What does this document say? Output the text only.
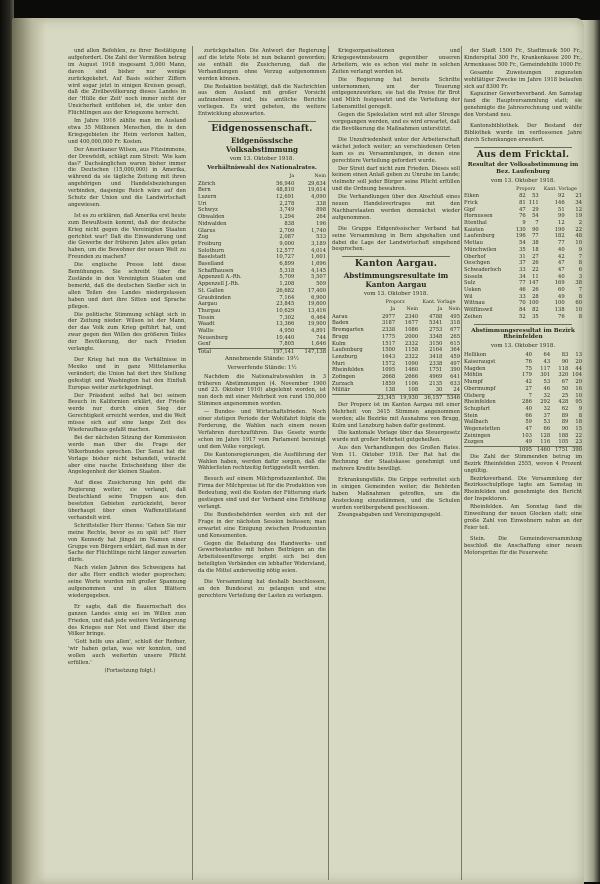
und allen Befehlen, zu ihrer Bestätigung aufgefordert. Die Zahl der Vermißten betrug im August 1918 insgesamt 5,000 Mann, davon sind bisher nur wenige zurückgekehrt. Auf Basis solcher Ziffern wird sogar jetzt in einigen Kreisen gesagt, daß die Zivilbevölkerung dieses Landes in der 'Hülle der Zeit' noch immer nicht der Unsicherheit entflohen ist, die unter den Flüchtlingen aus der Kriegszone herrscht.

Im Jahre 1916 zählte man im Ausland etwa 35 Millionen Menschen, die in den Kriegsgebieten ihr Heim verloren hatten, und 400,000,000 Fr. Kosten.

Der Amerikaner Wilson, aus Fitzsimmons, der Drewfeldt, schlägt zum Streit: 'Wie kam das?' Dachsänglichen waren bisher immer die Deutschen (15,000,000) in Amerika, während da sie tägliche Zeitung mit ihren angehörigen und Handelsbeziehungen verbinden, dasjenige Reich wäre auf den Schutz der Union und die Landwirtschaft angewiesen.

Ist es zu erklären, daß Amerika erst heute zum Bewußtsein kommt, daß der deutsche Krieg nicht gegen die Vereinigten Staaten gerichtet war? Daß die Einwanderung und die Gewerbe der früheren Jahre alles getan haben, um die Bewohner der neuen Welt zu Freunden zu machen?

Die englische Presse lobt diese Bemühungen. Sie schreibt über die Zustände in den Vereinigten Staaten und bemerkt, daß die deutschen Siedler sich in allen Teilen des Landes niedergelassen haben und dort ihre Sitten und Sprache pflegen.

Die politische Stimmung schlägt sich in der Zeitung nieder: Wilson ist der Mann, der das Volk zum Krieg geführt hat, und zwar gegen den Willen des größeren Teiles der Bevölkerung, der nach Frieden verlangte.

Der Krieg hat nun die Verhältnisse in Mexiko und in ganz Mittelamerika verändert; die Union hat dort ihre Stellung gefestigt und Washington hat den Einfluß Europas weiter zurückgedrängt.

Der Präsident selbst hat bei seinem Besuch in Kalifornien erklärt, der Friede werde nur durch einen Sieg der Gerechtigkeit erreicht werden, und die Welt müsse sich auf eine lange Zeit des Wiederaufbaus gefaßt machen.

Bei der nächsten Sitzung der Kommission werde man über die Frage der Völkerbundes sprechen. Der Senat hat die Vorlage bisher nicht behandelt, wünscht aber eine rasche Entscheidung über die Angelegenheit der kleinen Staaten.

Auf diese Zusicherung hin geht die Regierung weiter; sie verlangt, daß Deutschland seine Truppen aus den besetzten Gebieten zurückzieht, bevor überhaupt über einen Waffenstillstand verhandelt wird.

Schriftsteller Herr Henne: 'Gehen Sie mir meine Rechte, bevor es zu spät ist!' Herr von Kennedy hat jüngst im Namen einer Gruppe von Bürgern erklärt, daß man in der Sache der Flüchtlinge nicht länger zuwarten dürfe.

Nach vielen Jahren des Schweigens hat der alte Herr endlich wieder gesprochen; seine Worte wurden mit großer Spannung aufgenommen und in allen Blättern wiedergegeben.

Er sagte, daß die Bauernschaft des ganzen Landes einig sei im Willen zum Frieden, und daß jede weitere Verlängerung des Krieges nur Not und Elend über die Völker bringe.

'Gott helfe uns allen', schloß der Redner, 'wir haben getan, was wir konnten, und wollen auch weiterhin unsere Pflicht erfüllen.'

(Fortsetzung folgt.)

zurückgehalten. Die Antwort der Regierung auf die letzte Note ist nun bekannt geworden; sie enthält die Zusicherung, daß die Verhandlungen ohne Verzug aufgenommen werden können.

Die Redaktion bestätigt, daß die Nachrichten aus dem Ausland mit großer Vorsicht aufzunehmen sind, bis amtliche Berichte vorliegen. Es wird gebeten, die weitere Entwicklung abzuwarten.

Eidgenossenschaft.
Eidgenössische Volksabstimmung
vom 13. Oktober 1918.
Verhältniswahl des Nationalrates.
	Ja	Nein
Zürich	56,940	29,634
Bern	48,810	19,614
Luzern	12,691	4,090
Uri	2,278	338
Schwyz	3,749	898
Obwalden	1,294	264
Nidwalden	838	196
Glarus	2,709	1,740
Zug	2,087	533
Freiburg	9,000	3,189
Solothurn	12,577	4,014
Baselstadt	10,727	1,601
Baselland	6,899	1,696
Schaffhausen	5,318	4,145
Appenzell A.-Rh.	5,709	5,507
Appenzell J.-Rh.	1,208	509
St. Gallen	26,682	17,400
Graubünden	7,164	6,900
Aargau	23,845	19,600
Thurgau	10,629	13,416
Tessin	7,302	6,464
Waadt	13,366	19,900
Wallis	4,950	4,891
Neuenburg	10,440	744
Genf	7,805	1,646
Total	197,141	147,138
Annehmende Stände: 19½
Verwerfende Stände: 1½

Nachdem die Nationalratswahlen in 3 früheren Abstimmungen (4. November 1900 und 23. Oktober 1910) abgelehnt worden, ist nun doch mit einer Mehrheit von rund 150,000 Stimmen angenommen worden.

— Bundes- und Wirtschaftsfrieden. Noch einer stetigen Periode der Wohlfahrt folgte die Forderung, die Wahlen nach einem neuen Verfahren durchzuführen. Das Gesetz wurde schon im Jahre 1917 vom Parlament bereinigt und dem Volke vorgelegt.

Die Kantonsregierungen, die Ausführung der Wahlen haben, werden dafür sorgen, daß die Wählerlisten rechtzeitig fertiggestellt werden.

Besuch auf einem Milchproduzentenhof. Die Firma der Milchpreise ist für die Produktion von Bedeutung, weil die Kosten der Fütterung stark gestiegen sind und der Verband eine Erhöhung verlangt.

Die Bundesbehörden werden sich mit der Frage in der nächsten Session befassen; man erwartet eine Einigung zwischen Produzenten und Konsumenten.

Gegen die Belastung des Handwerks- und Gewerbestandes mit hohen Beiträgen an die Arbeitslosenfürsorge ergibt sich bei den beteiligten Verbänden ein lebhafter Widerstand, da die Mittel anderweitig nötig seien.

Die Versammlung hat deshalb beschlossen, an den Bundesrat zu gelangen und eine gerechtere Verteilung der Lasten zu verlangen.

Kriegsorganisationen und Kriegsgewinnsteuern gegenüber unseren Arbeitern, wie es schon viel mehr in solchen Zeiten verlangt worden ist.

Die Regierung hat bereits Schritte unternommen, um der Teuerung entgegenzuwirken; sie hat die Preise für Brot und Milch festgesetzt und die Verteilung der Lebensmittel geregelt.

Gegen die Spekulation wird mit aller Strenge vorgegangen werden, und es wird erwartet, daß die Bevölkerung die Maßnahmen unterstützt.

Die Unzufriedenheit unter der Arbeiterschaft wächst jedoch weiter; an verschiedenen Orten kam es zu Versammlungen, in denen eine gerechtere Verteilung gefordert wurde.

Der Streit darf nicht zum Frieden. Dieses soll keinem einen Anlaß geben zu Unruhe im Lande; vielmehr soll jeder Bürger seine Pflicht erfüllen und die Ordnung bewahren.

Die Verhandlungen über den Abschluß eines neuen Handelsvertrages mit den Nachbarstaaten werden demnächst wieder aufgenommen.

Die Gruppe Eidgenössischer Verband hat seine Versammlung in Bern abgehalten und dabei die Lage der Landwirtschaft eingehend besprochen.

Kanton Aargau.
Abstimmungsresultate im Kanton Aargau
vom 13. Oktober 1918.
	Proporz		Kant. Vorlage	
	Ja	Nein	Ja	Nein
Aarau	2977	2340	4788	495
Baden	3187	1677	5341	318
Bremgarten	2338	1086	2753	677
Brugg	1775	2000	3348	265
Kulm	1517	2332	3150	615
Laufenburg	1500	1158	2164	364
Lenzburg	1643	2322	3418	459
Muri	1572	1090	2338	497
Rheinfelden	1095	1460	1751	390
Zofingen	2668	2666	4969	641
Zurzach	1859	1106	2135	633
Militär	138	108	30	24
	23,345	19,930	36,157	5346

Der Proporz ist im Kanton Aargau mit einer Mehrheit von 3415 Stimmen angenommen worden; alle Bezirke mit Ausnahme von Brugg, Kulm und Lenzburg haben dafür gestimmt.

Die kantonale Vorlage über das Steuergesetz wurde mit großer Mehrheit gutgeheißen.

Aus den Verhandlungen des Großen Rates. Vom 11. Oktober 1918. Der Rat hat die Rechnung der Staatskasse genehmigt und mehrere Kredite bewilligt.

Erkrankungsfälle. Die Grippe verbreitet sich in einigen Gemeinden weiter; die Behörden haben Maßnahmen getroffen, um die Ansteckung einzudämmen, und die Schulen wurden vorübergehend geschlossen.

Zwangsabgaben und Vereinigungsgeld.

der Stadt 1500 Fr., Stadtmusik 500 Fr., Kinderspital 300 Fr., Krankenkasse 200 Fr., Armenkasse 500 Fr., Gemeindehilfe 1000 Fr.

Gesamte Zuweisungen zugunsten wohltätiger Zwecke im Jahre 1918 belaufen sich auf 8300 Fr.

Kapuziner Gewerbeverband. Am Samstag fand die Hauptversammlung statt; sie genehmigte die Jahresrechnung und wählte den Vorstand neu.

Kantonsbibliothek. Der Bestand der Bibliothek wurde im verflossenen Jahre durch Schenkungen erweitert.

Aus dem Fricktal.
Resultat der Volksabstimmung im Bez. Laufenburg
vom 13. Oktober 1918.
	Proporz		Kant. Vorlage	
Eiken	82	53	92	21
Frick	81	111	146	34
Gipf	47	29	51	12
Hornussen	76	54	99	19
Ittenthal	9	7	12	2
Kaisten	130	90	190	22
Laufenburg	196	77	182	48
Mettau	54	38	77	10
Münchwilen	35	18	40	9
Oberhof	31	27	42	7
Oeschgen	37	26	47	8
Schwaderloch	33	22	47	6
Sisseln	34	11	40	3
Sulz	77	147	169	38
Ueken	46	26	60	7
Wil	33	28	49	8
Wittnau	70	100	100	60
Wölflinswil	84	82	138	10
Zeihen	52	35	76	8
Abstimmungsresultat im Bezirk Rheinfelden
vom 13. Oktober 1918.
Hellikon	40	64	83	13
Kaiseraugst	76	43	90	20
Magden	75	117	118	44
Möhlin	179	301	320	104
Mumpf	42	53	67	20
Obermumpf	27	46	50	16
Olsberg	7	32	25	10
Rheinfelden	286	292	428	95
Schupfart	40	32	62	9
Stein	66	37	89	8
Wallbach	59	53	89	18
Wegenstetten	47	66	90	15
Zeiningen	103	128	188	22
Zuzgen	49	116	105	23
	1095	1460	1751	390

Die Zahl der Stimmenden betrug im Bezirk Rheinfelden 2555, wovon 4 Prozent ungültig.

Bezirksverband. Die Versammlung der Bezirksschulpflege tagte am Samstag in Rheinfelden und genehmigte den Bericht der Inspektoren.

Rheinfelden. Am Sonntag fand die Einweihung der neuen Glocken statt; eine große Zahl von Einwohnern nahm an der Feier teil.

Stein. Die Gemeindeversammlung beschloß die Anschaffung einer neuen Motorspritze für die Feuerwehr.
